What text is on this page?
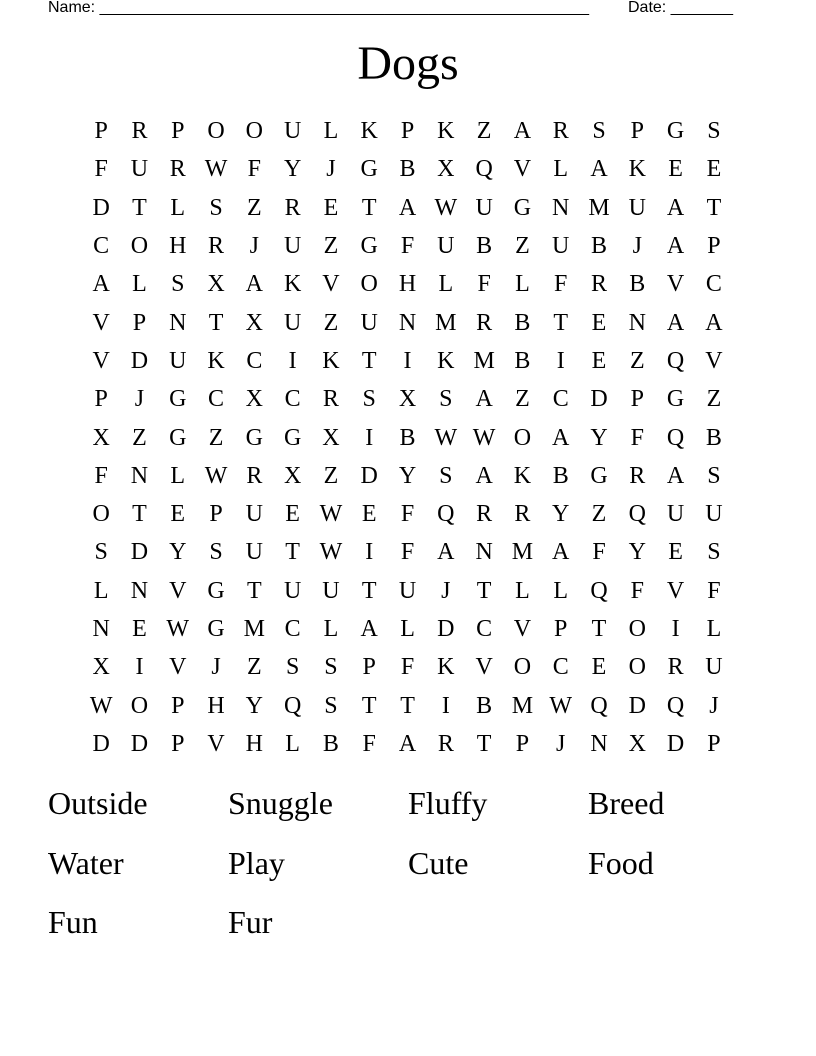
Name: _______________________________________________________ Date: _______
Dogs
P R P O O U L K P K Z A R S	P G S
F U R W F Y	J	G B X Q V L A K E E
D T L	S	Z R E T A W U G N M U A T
C O H R	J	U Z G F U B Z U B	J	A P
A L	S X A K V O H L	F	L	F R B V C
V P N T X U Z U N M R B T E N A A
V D U K C	I	K T	I	K M B	I	E Z Q V
P	J	G C X C R S X S A Z C D P G Z
X Z G Z G G X	I	B W W O A Y F Q B
F N L W R X Z D Y S A K B G R A S
O T E	P U E W E	F Q R R Y Z Q U U
S D Y S U T W I	F A N M A F Y E	S
L N V G T U U T U	J	T L L Q F V F
N E W G M C L A L D C V P	T O	I	L
X	I	V	J	Z	S	S	P	F K V O C E O R U
W O P H Y Q S	T T	I	B M W Q D Q	J
D D P V H L B F A R T	P	J	N X D P
Outside	Snuggle	Fluffy	Breed
Water	Play	Cute	Food
Fun	Fur
